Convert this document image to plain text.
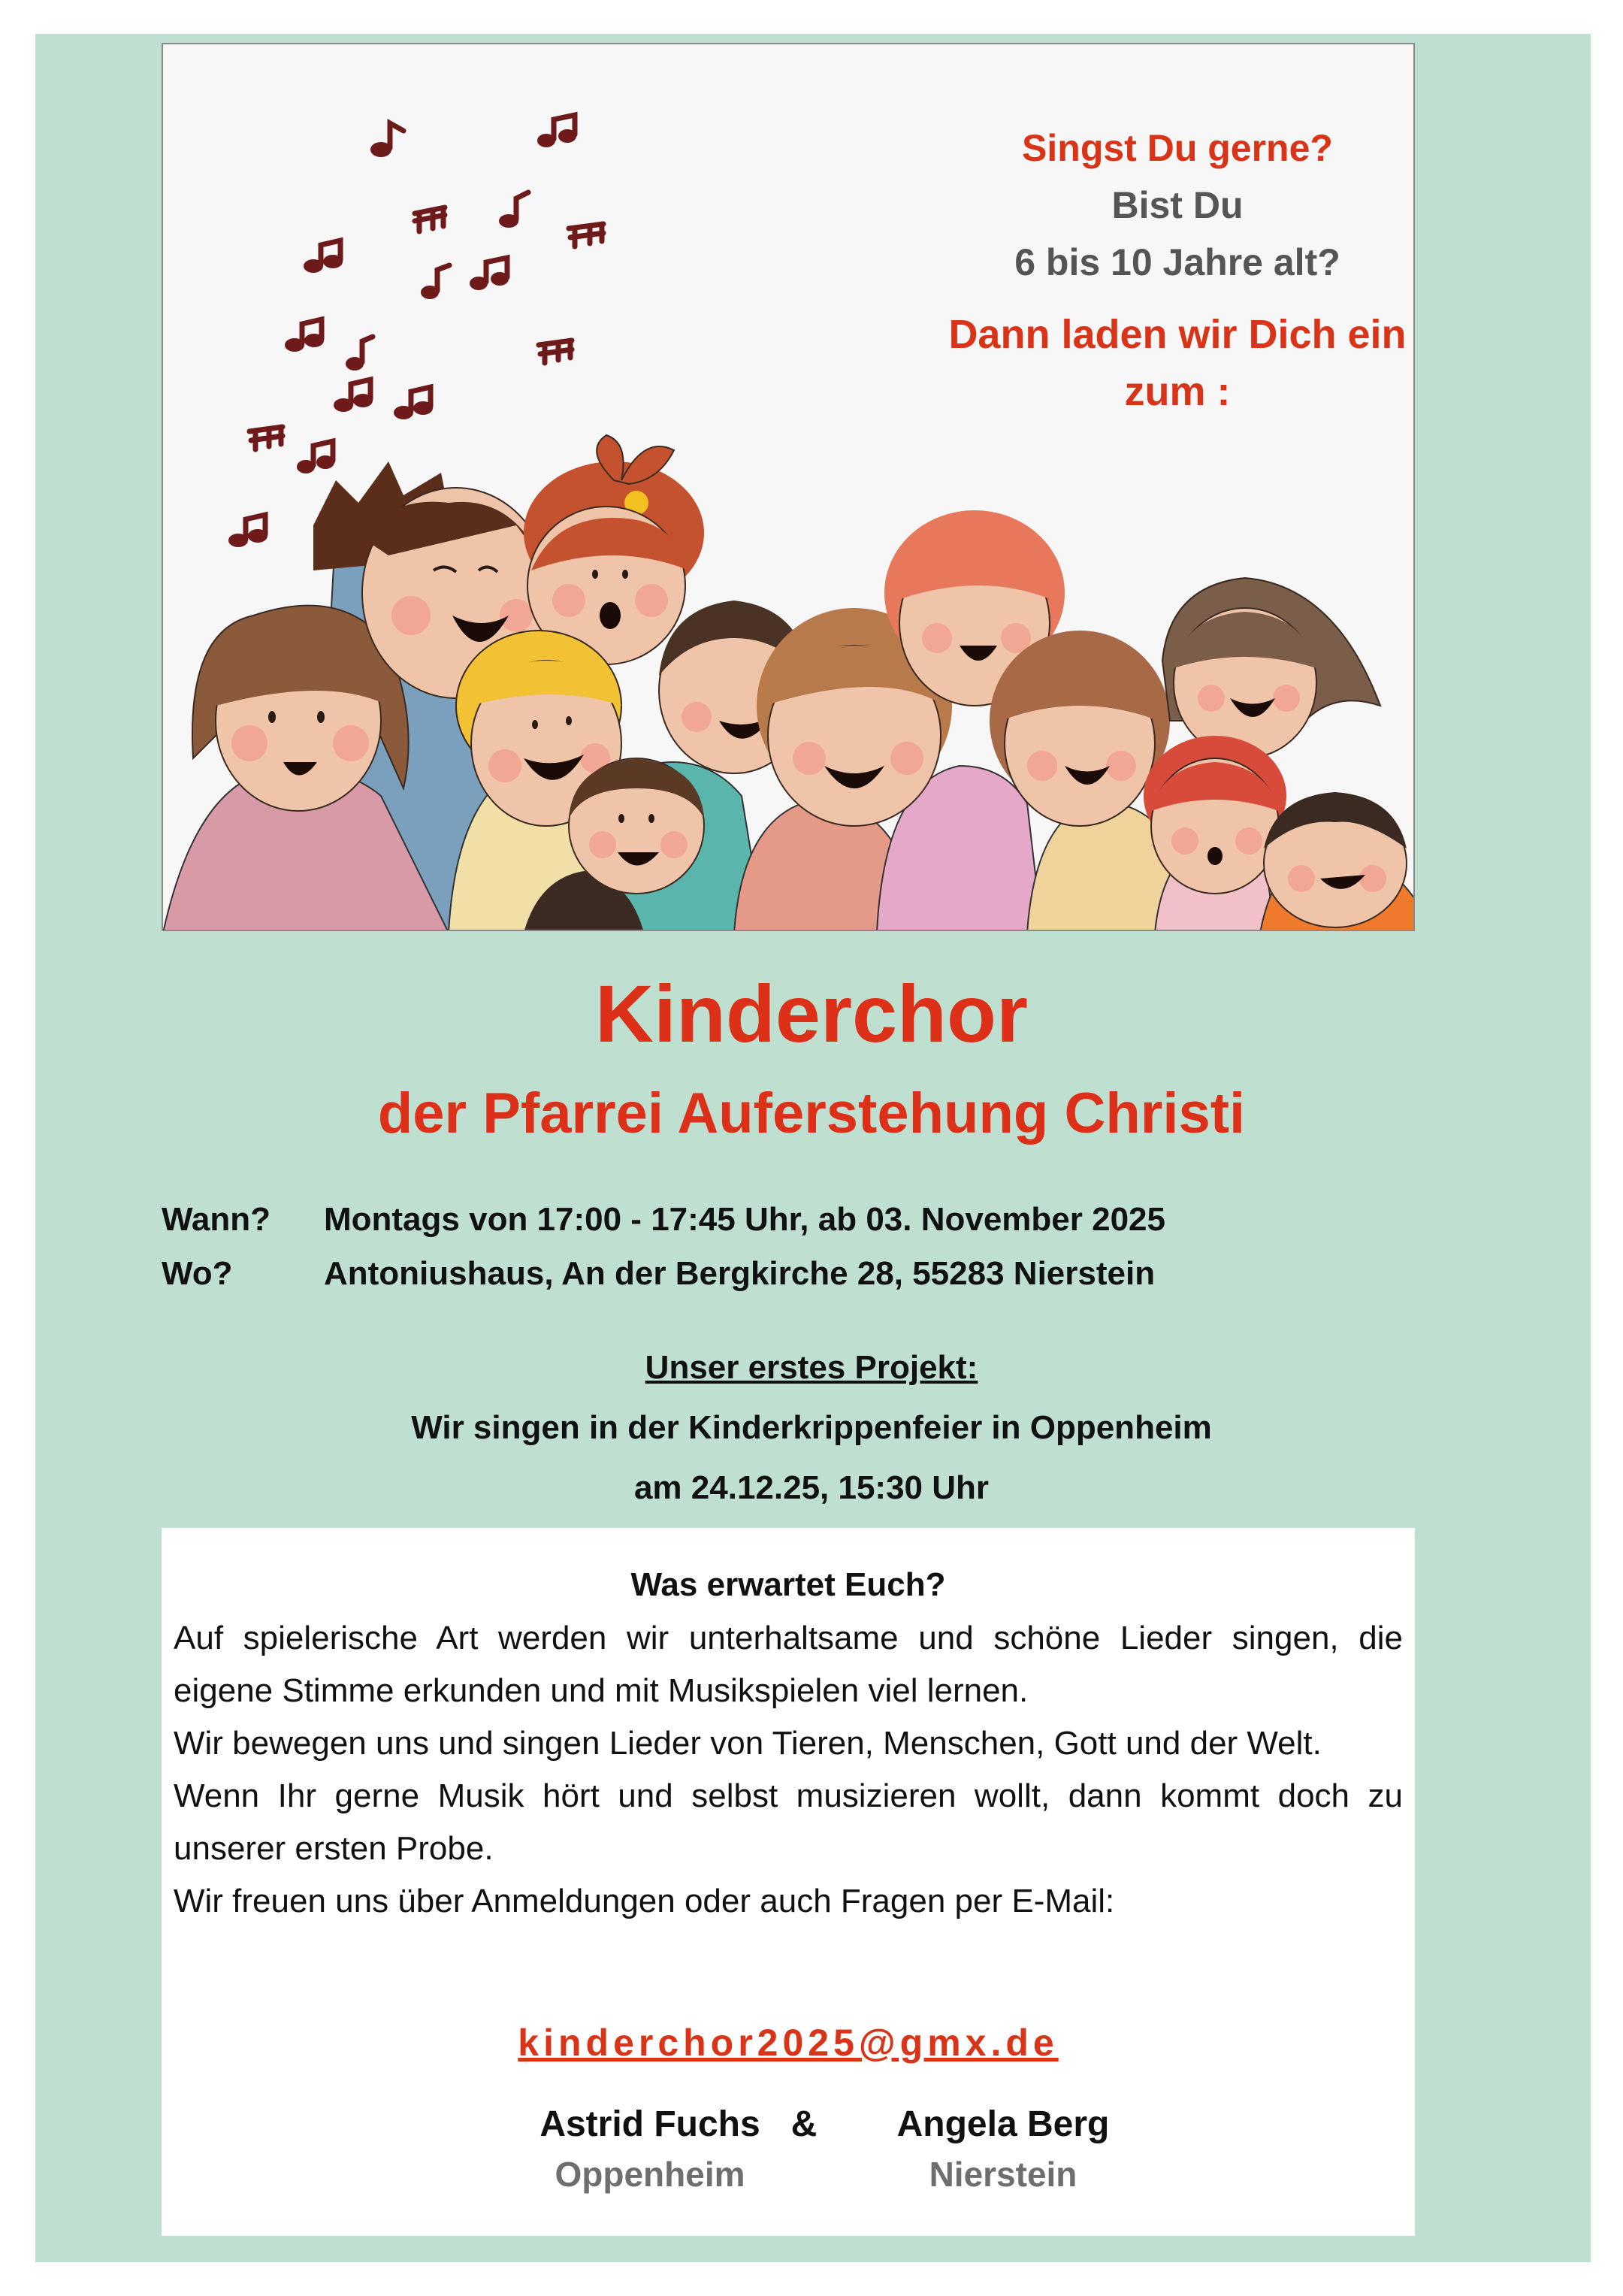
Singst Du gerne?
Bist Du
6 bis 10 Jahre alt?
Dann laden wir Dich ein
zum :
Kinderchor
der Pfarrei Auferstehung Christi
Wann? Montags von 17:00 - 17:45 Uhr, ab 03. November 2025
Wo?	Antoniushaus, An der Bergkirche 28, 55283 Nierstein
Unser erstes Projekt:
Wir singen in der Kinderkrippenfeier in Oppenheim
am 24.12.25, 15:30 Uhr
Was erwartet Euch?

Auf spielerische Art werden wir unterhaltsame und schöne Lieder singen, die eigene Stimme erkunden und mit Musikspielen viel lernen.

Wir bewegen uns und singen Lieder von Tieren, Menschen, Gott und der Welt.

Wenn Ihr gerne Musik hört und selbst musizieren wollt, dann kommt doch zu unserer ersten Probe.

Wir freuen uns über Anmeldungen oder auch Fragen per E-Mail:

kinderchor2025@gmx.de
Astrid Fuchs &	Angela Berg
Oppenheim	Nierstein
